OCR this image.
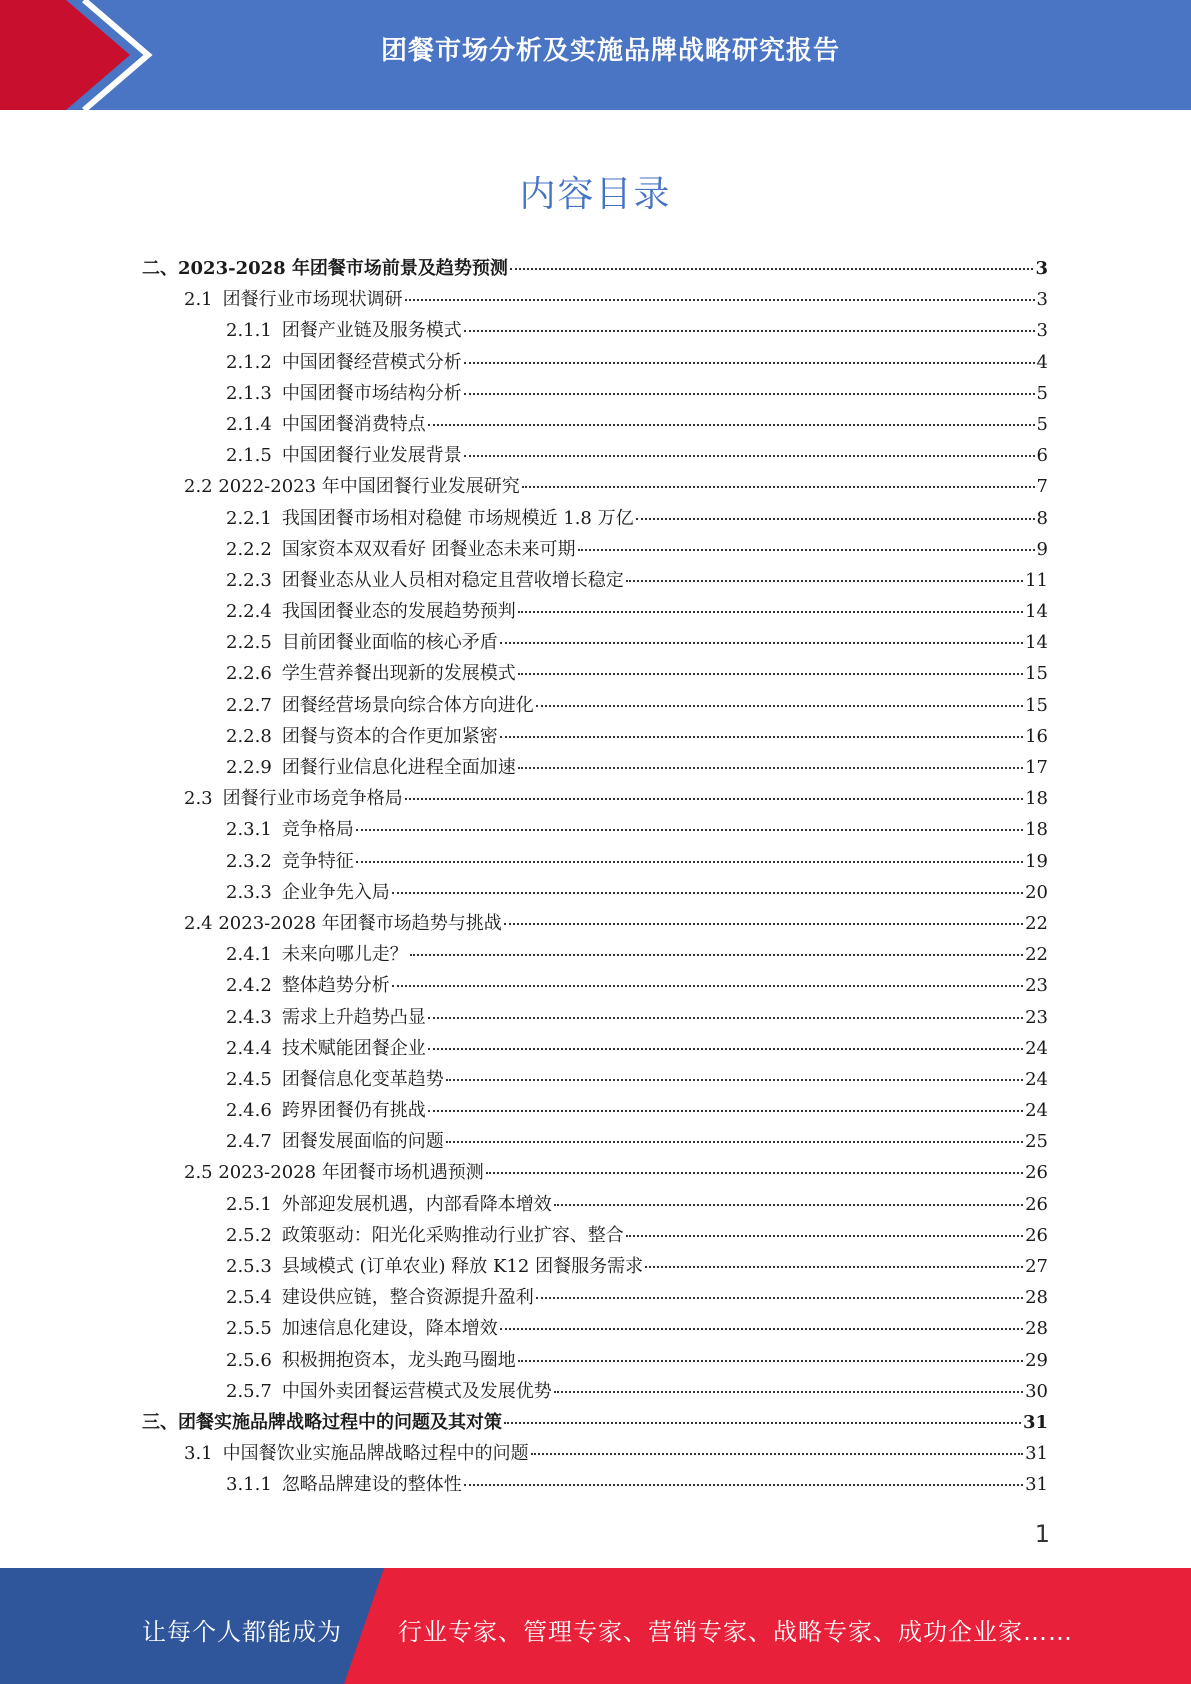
团餐市场分析及实施品牌战略研究报告
内容目录
二、2023-2028 年团餐市场前景及趋势预测	3
2.1 团餐行业市场现状调研	3
2.1.1 团餐产业链及服务模式	3
2.1.2 中国团餐经营模式分析	4
2.1.3 中国团餐市场结构分析	5
2.1.4 中国团餐消费特点	5
2.1.5 中国团餐行业发展背景	6
2.2 2022-2023 年中国团餐行业发展研究	7
2.2.1 我国团餐市场相对稳健 市场规模近 1.8 万亿	8
2.2.2 国家资本双双看好 团餐业态未来可期	9
2.2.3 团餐业态从业人员相对稳定且营收增长稳定	11
2.2.4 我国团餐业态的发展趋势预判	14
2.2.5 目前团餐业面临的核心矛盾	14
2.2.6 学生营养餐出现新的发展模式	15
2.2.7 团餐经营场景向综合体方向进化	15
2.2.8 团餐与资本的合作更加紧密	16
2.2.9 团餐行业信息化进程全面加速	17
2.3 团餐行业市场竞争格局	18
2.3.1 竞争格局	18
2.3.2 竞争特征	19
2.3.3 企业争先入局	20
2.4 2023-2028 年团餐市场趋势与挑战	22
2.4.1 未来向哪儿走？	22
2.4.2 整体趋势分析	23
2.4.3 需求上升趋势凸显	23
2.4.4 技术赋能团餐企业	24
2.4.5 团餐信息化变革趋势	24
2.4.6 跨界团餐仍有挑战	24
2.4.7 团餐发展面临的问题	25
2.5 2023-2028 年团餐市场机遇预测	26
2.5.1 外部迎发展机遇，内部看降本增效	26
2.5.2 政策驱动：阳光化采购推动行业扩容、整合	26
2.5.3 县域模式 (订单农业) 释放 K12 团餐服务需求	27
2.5.4 建设供应链，整合资源提升盈利	28
2.5.5 加速信息化建设，降本增效	28
2.5.6 积极拥抱资本，龙头跑马圈地	29
2.5.7 中国外卖团餐运营模式及发展优势	30
三、团餐实施品牌战略过程中的问题及其对策	31
3.1 中国餐饮业实施品牌战略过程中的问题	31
3.1.1 忽略品牌建设的整体性	31
1
让每个人都能成为 行业专家、管理专家、营销专家、战略专家、成功企业家……
